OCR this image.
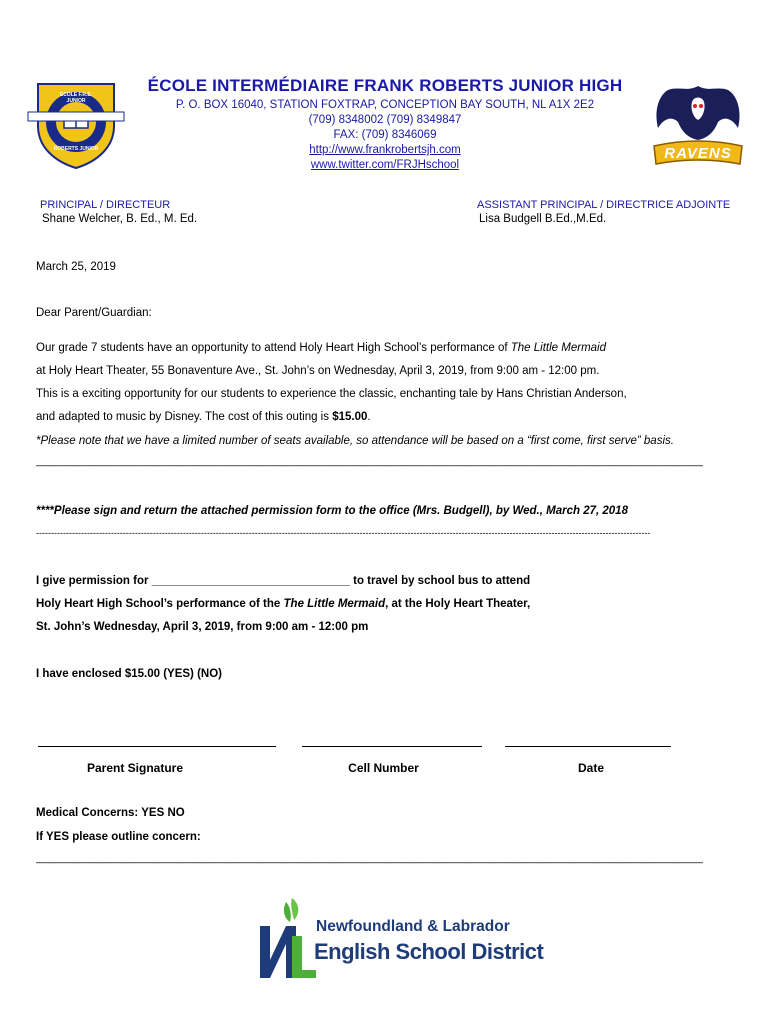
ÉCOLE F.R.E. JUNIOR
ROBERTS JUNIOR	RAVENS
ÉCOLE INTERMÉDIAIRE FRANK ROBERTS JUNIOR HIGH
P. O. BOX 16040, STATION FOXTRAP, CONCEPTION BAY SOUTH, NL A1X 2E2
(709) 8348002 (709) 8349847
FAX: (709) 8346069
http://www.frankrobertsjh.com
www.twitter.com/FRJHschool
PRINCIPAL / DIRECTEUR
Shane Welcher, B. Ed., M. Ed.
ASSISTANT PRINCIPAL / DIRECTRICE ADJOINTE
Lisa Budgell B.Ed.,M.Ed.
March 25, 2019
Dear Parent/Guardian:
Our grade 7 students have an opportunity to attend Holy Heart High School’s performance of The Little Mermaid
at Holy Heart Theater, 55 Bonaventure Ave., St. John’s on Wednesday, April 3, 2019, from 9:00 am - 12:00 pm.
This is a exciting opportunity for our students to experience the classic, enchanting tale by Hans Christian Anderson,
and adapted to music by Disney. The cost of this outing is $15.00.
*Please note that we have a limited number of seats available, so attendance will be based on a “first come, first serve” basis.
_____________________________________________________________________________________________________________
****Please sign and return the attached permission form to the office (Mrs. Budgell), by Wed., March 27, 2018
-------------------------------------------------------------------------------------------------------------------------------------------------------------------------------------------------------------
I give permission for _______________________________ to travel by school bus to attend
Holy Heart High School’s performance of the The Little Mermaid, at the Holy Heart Theater,
St. John’s Wednesday, April 3, 2019, from 9:00 am - 12:00 pm
I have enclosed $15.00 (YES) (NO)
Parent Signature	Cell Number	Date
Medical Concerns: YES NO
If YES please outline concern:
_____________________________________________________________________________________________________________
Newfoundland & Labrador
English School District
